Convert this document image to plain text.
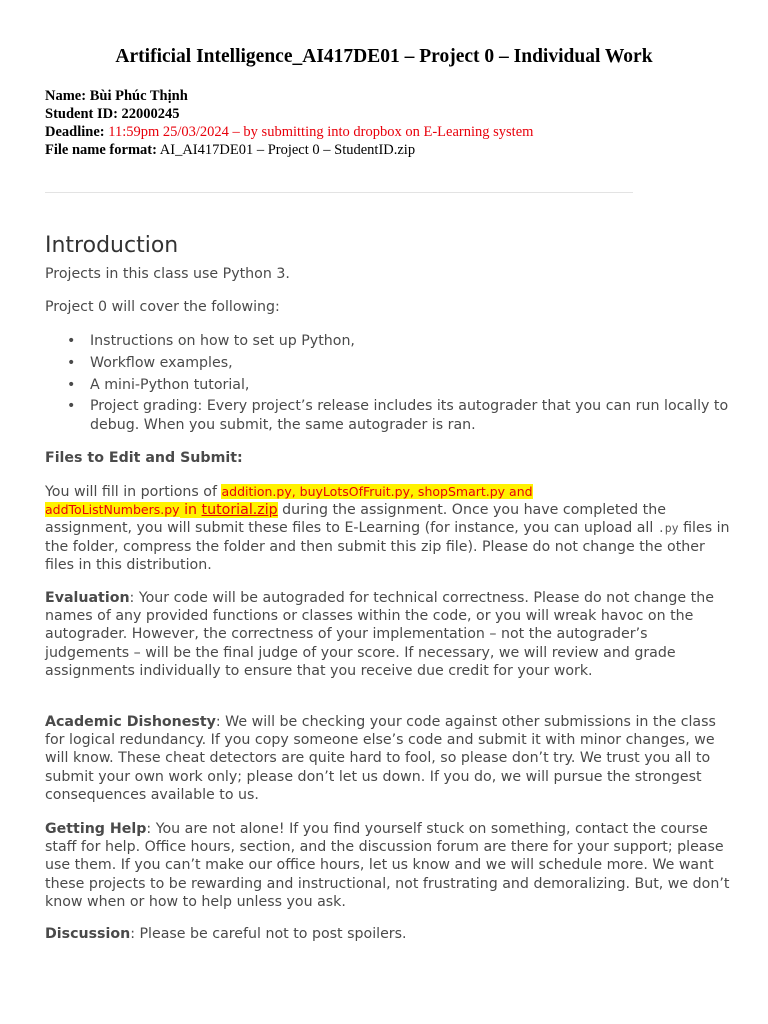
Artificial Intelligence_AI417DE01 – Project 0 – Individual Work
Name: Bùi Phúc Thịnh
Student ID: 22000245
Deadline: 11:59pm 25/03/2024 – by submitting into dropbox on E-Learning system
File name format: AI_AI417DE01 – Project 0 – StudentID.zip
Introduction

Projects in this class use Python 3.

Project 0 will cover the following:

• Instructions on how to set up Python,
• Workflow examples,
• A mini-Python tutorial,
• Project grading: Every project’s release includes its autograder that you can run locally to debug. When you submit, the same autograder is ran.
Files to Edit and Submit:

You will fill in portions of addition.py, buyLotsOfFruit.py, shopSmart.py and
addToListNumbers.py in tutorial.zip during the assignment. Once you have completed the assignment, you will submit these files to E-Learning (for instance, you can upload all .py files in the folder, compress the folder and then submit this zip file). Please do not change the other files in this distribution.

Evaluation: Your code will be autograded for technical correctness. Please do not change the names of any provided functions or classes within the code, or you will wreak havoc on the autograder. However, the correctness of your implementation – not the autograder’s judgements – will be the final judge of your score. If necessary, we will review and grade assignments individually to ensure that you receive due credit for your work.

Academic Dishonesty: We will be checking your code against other submissions in the class for logical redundancy. If you copy someone else’s code and submit it with minor changes, we will know. These cheat detectors are quite hard to fool, so please don’t try. We trust you all to submit your own work only; please don’t let us down. If you do, we will pursue the strongest consequences available to us.

Getting Help: You are not alone! If you find yourself stuck on something, contact the course staff for help. Office hours, section, and the discussion forum are there for your support; please use them. If you can’t make our office hours, let us know and we will schedule more. We want these projects to be rewarding and instructional, not frustrating and demoralizing. But, we don’t know when or how to help unless you ask.

Discussion: Please be careful not to post spoilers.
